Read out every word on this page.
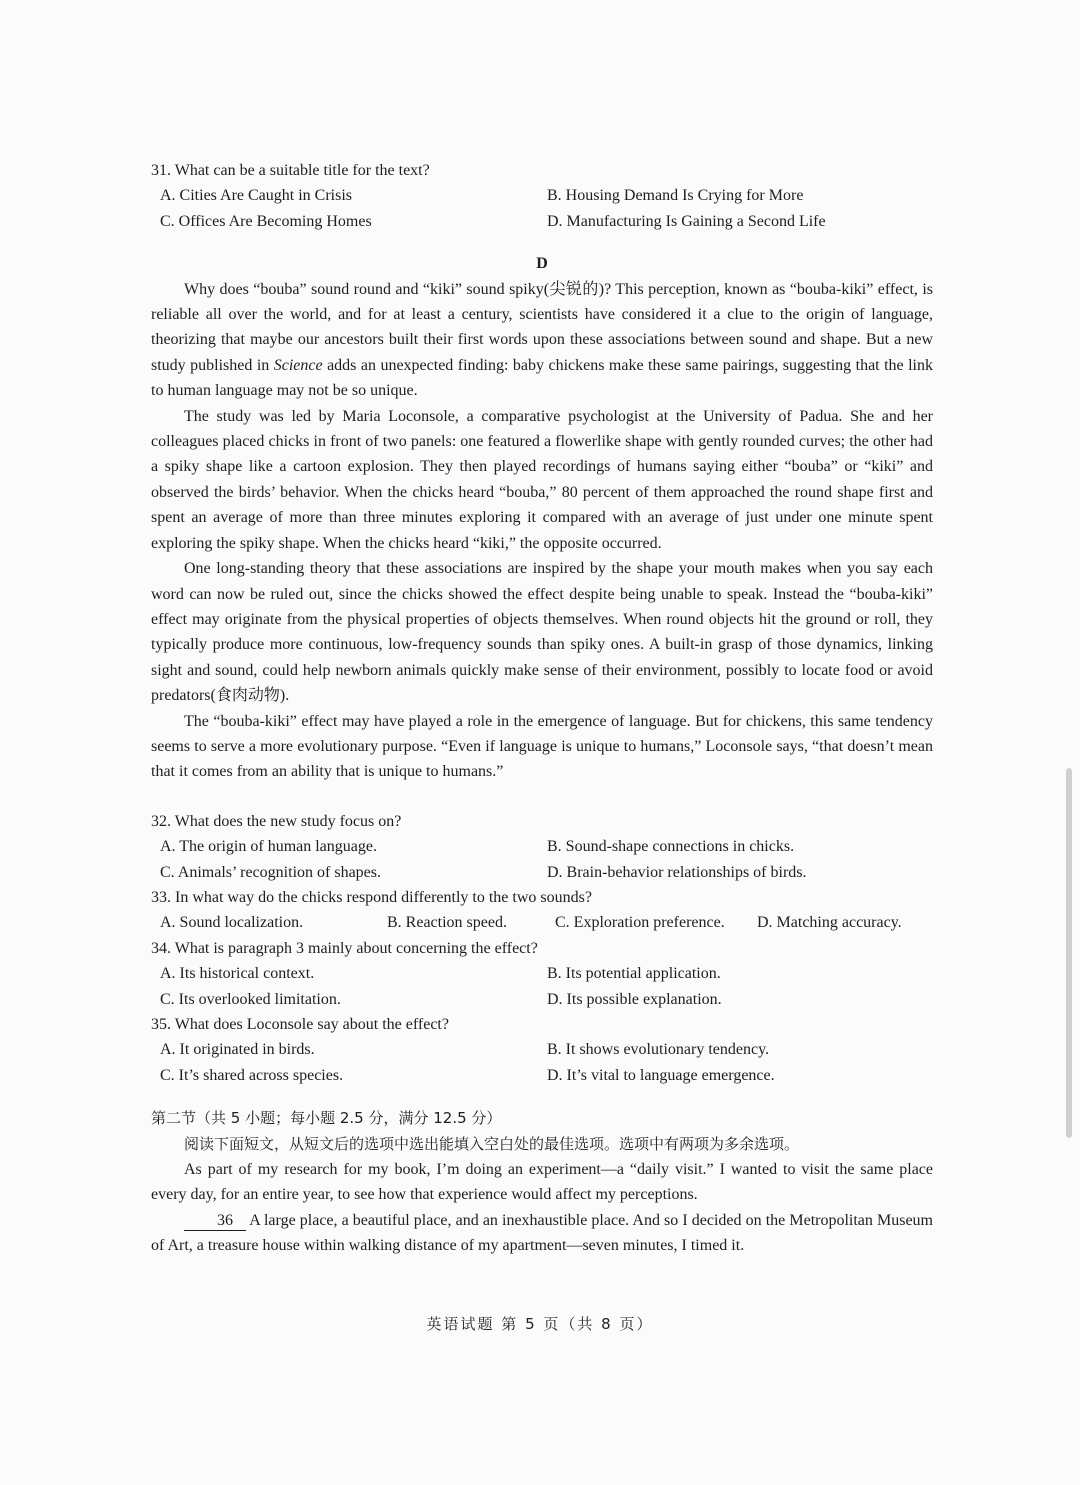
31. What can be a suitable title for the text?

A. Cities Are Caught in Crisis	B. Housing Demand Is Crying for More
C. Offices Are Becoming Homes	D. Manufacturing Is Gaining a Second Life

D

Why does “bouba” sound round and “kiki” sound spiky(尖锐的)? This perception, known as “bouba-kiki” effect, is reliable all over the world, and for at least a century, scientists have considered it a clue to the origin of language, theorizing that maybe our ancestors built their first words upon these associations between sound and shape. But a new study published in Science adds an unexpected finding: baby chickens make these same pairings, suggesting that the link to human language may not be so unique.

The study was led by Maria Loconsole, a comparative psychologist at the University of Padua. She and her colleagues placed chicks in front of two panels: one featured a flowerlike shape with gently rounded curves; the other had a spiky shape like a cartoon explosion. They then played recordings of humans saying either “bouba” or “kiki” and observed the birds’ behavior. When the chicks heard “bouba,” 80 percent of them approached the round shape first and spent an average of more than three minutes exploring it compared with an average of just under one minute spent exploring the spiky shape. When the chicks heard “kiki,” the opposite occurred.

One long-standing theory that these associations are inspired by the shape your mouth makes when you say each word can now be ruled out, since the chicks showed the effect despite being unable to speak. Instead the “bouba-kiki” effect may originate from the physical properties of objects themselves. When round objects hit the ground or roll, they typically produce more continuous, low-frequency sounds than spiky ones. A built-in grasp of those dynamics, linking sight and sound, could help newborn animals quickly make sense of their environment, possibly to locate food or avoid predators(食肉动物).

The “bouba-kiki” effect may have played a role in the emergence of language. But for chickens, this same tendency seems to serve a more evolutionary purpose. “Even if language is unique to humans,” Loconsole says, “that doesn’t mean that it comes from an ability that is unique to humans.”

32. What does the new study focus on?

A. The origin of human language.	B. Sound-shape connections in chicks.
C. Animals’ recognition of shapes.	D. Brain-behavior relationships of birds.

33. In what way do the chicks respond differently to the two sounds?

A. Sound localization.	B. Reaction speed.	C. Exploration preference.	D. Matching accuracy.

34. What is paragraph 3 mainly about concerning the effect?

A. Its historical context.	B. Its potential application.
C. Its overlooked limitation.	D. Its possible explanation.

35. What does Loconsole say about the effect?

A. It originated in birds.	B. It shows evolutionary tendency.
C. It’s shared across species.	D. It’s vital to language emergence.

第二节（共 5 小题；每小题 2.5 分，满分 12.5 分）

阅读下面短文，从短文后的选项中选出能填入空白处的最佳选项。选项中有两项为多余选项。

As part of my research for my book, I’m doing an experiment—a “daily visit.” I wanted to visit the same place every day, for an entire year, to see how that experience would affect my perceptions.

36 A large place, a beautiful place, and an inexhaustible place. And so I decided on the Metropolitan Museum of Art, a treasure house within walking distance of my apartment—seven minutes, I timed it.

英语试题 第 5 页（共 8 页）
